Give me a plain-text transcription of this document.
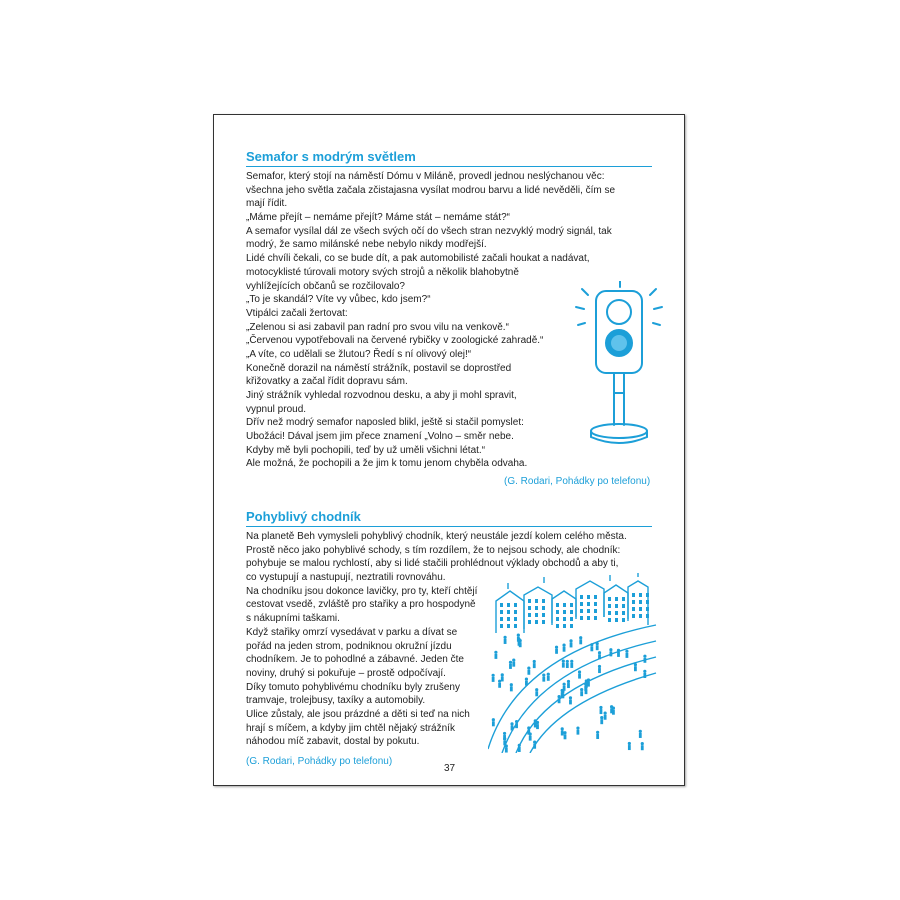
Semafor s modrým světlem
Semafor, který stojí na náměstí Dómu v Miláně, provedl jednou neslýchanou věc:
všechna jeho světla začala zčistajasna vysílat modrou barvu a lidé nevěděli, čím se
mají řídit.
„Máme přejít – nemáme přejít? Máme stát – nemáme stát?“
A semafor vysílal dál ze všech svých očí do všech stran nezvyklý modrý signál, tak
modrý, že samo milánské nebe nebylo nikdy modřejší.
Lidé chvíli čekali, co se bude dít, a pak automobilisté začali houkat a nadávat,
motocyklisté túrovali motory svých strojů a několik blahobytně
vyhlížejících občanů se rozčilovalo?
„To je skandál? Víte vy vůbec, kdo jsem?“
Vtipálci začali žertovat:
„Zelenou si asi zabavil pan radní pro svou vilu na venkově.“
„Červenou vypotřebovali na červené rybičky v zoologické zahradě.“
„A víte, co udělali se žlutou? Ředí s ní olivový olej!“
Konečně dorazil na náměstí strážník, postavil se doprostřed
křižovatky a začal řídit dopravu sám.
Jiný strážník vyhledal rozvodnou desku, a aby ji mohl spravit,
vypnul proud.
Dřív než modrý semafor naposled blikl, ještě si stačil pomyslet:
Ubožáci! Dával jsem jim přece znamení „Volno – směr nebe.
Kdyby mě byli pochopili, teď by už uměli všichni létat.“
Ale možná, že pochopili a že jim k tomu jenom chyběla odvaha.
(G. Rodari, Pohádky po telefonu)
Pohyblivý chodník
Na planetě Beh vymysleli pohyblivý chodník, který neustále jezdí kolem celého města.
Prostě něco jako pohyblivé schody, s tím rozdílem, že to nejsou schody, ale chodník:
pohybuje se malou rychlostí, aby si lidé stačili prohlédnout výklady obchodů a aby ti,
co vystupují a nastupují, neztratili rovnováhu.
Na chodníku jsou dokonce lavičky, pro ty, kteří chtějí
cestovat vsedě, zvláště pro stařiky a pro hospodyně
s nákupními taškami.
Když stařiky omrzí vysedávat v parku a dívat se
pořád na jeden strom, podniknou okružní jízdu
chodníkem. Je to pohodlné a zábavné. Jeden čte
noviny, druhý si pokuřuje – prostě odpočívají.
Díky tomuto pohyblivému chodníku byly zrušeny
tramvaje, trolejbusy, taxíky a automobily.
Ulice zůstaly, ale jsou prázdné a děti si teď na nich
hrají s míčem, a kdyby jim chtěl nějaký strážník
náhodou míč zabavit, dostal by pokutu.
(G. Rodari, Pohádky po telefonu)
37
